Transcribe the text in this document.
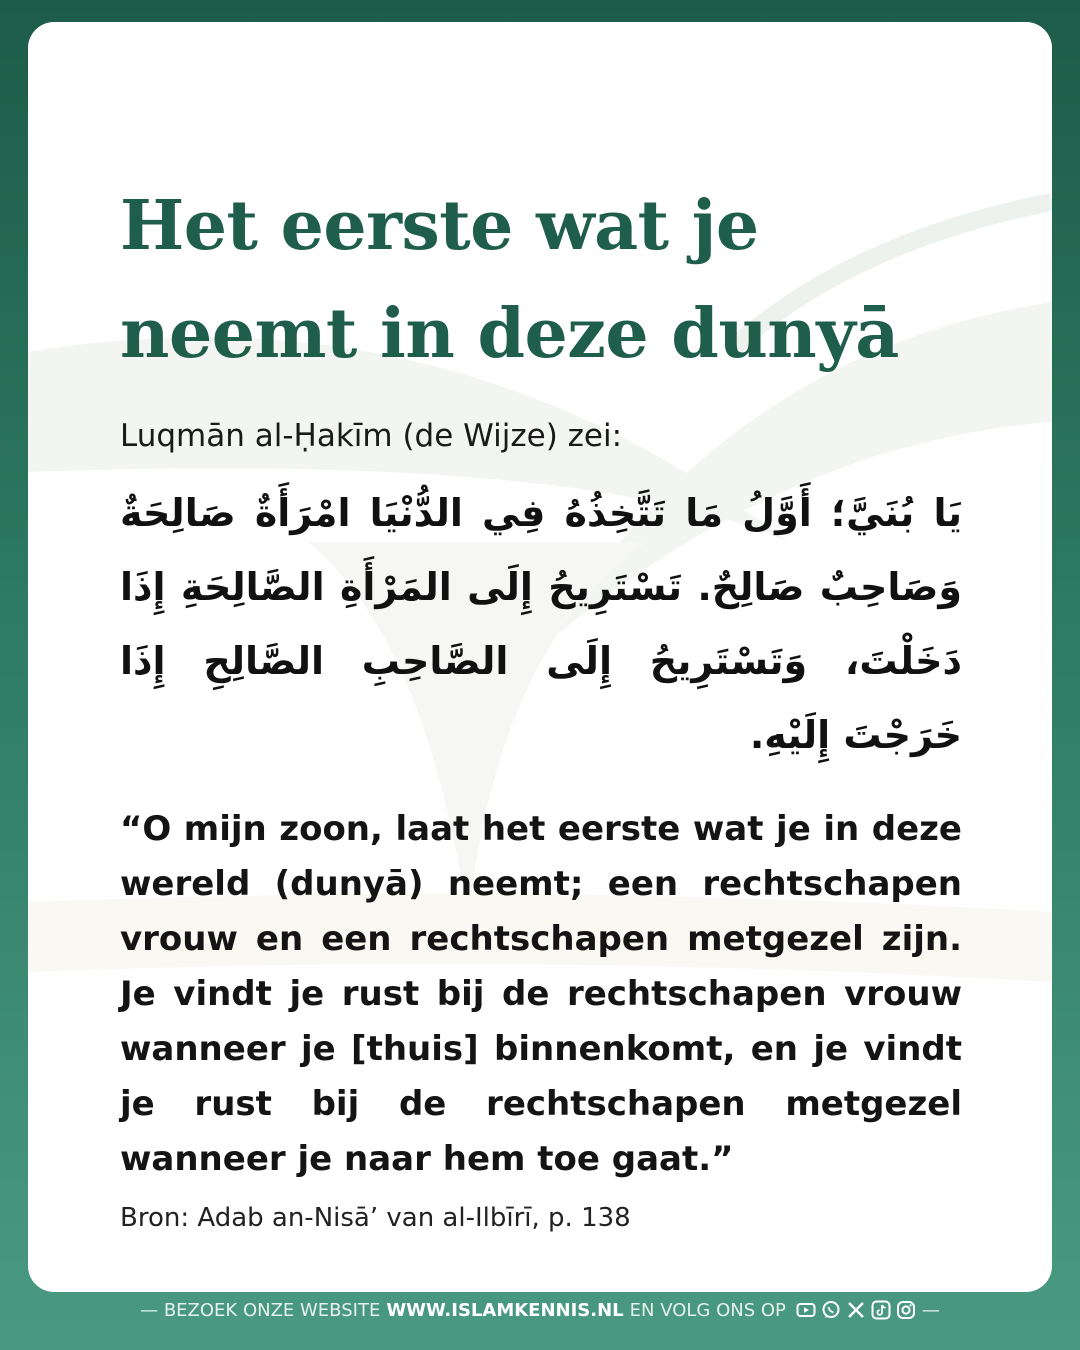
Het eerste wat je
neemt in deze dunyā
Luqmān al-Ḥakīm (de Wijze) zei:
يَا بُنَيَّ؛ أَوَّلُ مَا تَتَّخِذُهُ فِي الدُّنْيَا امْرَأَةٌ صَالِحَةٌ وَصَاحِبٌ صَالِحٌ. تَسْتَرِيحُ إِلَى المَرْأَةِ الصَّالِحَةِ إِذَا دَخَلْتَ، وَتَسْتَرِيحُ إِلَى الصَّاحِبِ الصَّالِحِ إِذَا خَرَجْتَ إِلَيْهِ.
“O mijn zoon, laat het eerste wat je in deze wereld (dunyā) neemt; een rechtschapen vrouw en een rechtschapen metgezel zijn. Je vindt je rust bij de rechtschapen vrouw wanneer je [thuis] binnenkomt, en je vindt je rust bij de rechtschapen metgezel wanneer je naar hem toe gaat.”
Bron: Adab an-Nisā’ van al-Ilbīrī, p. 138
— BEZOEK ONZE WEBSITE WWW.ISLAMKENNIS.NL EN VOLG ONS OP	—
